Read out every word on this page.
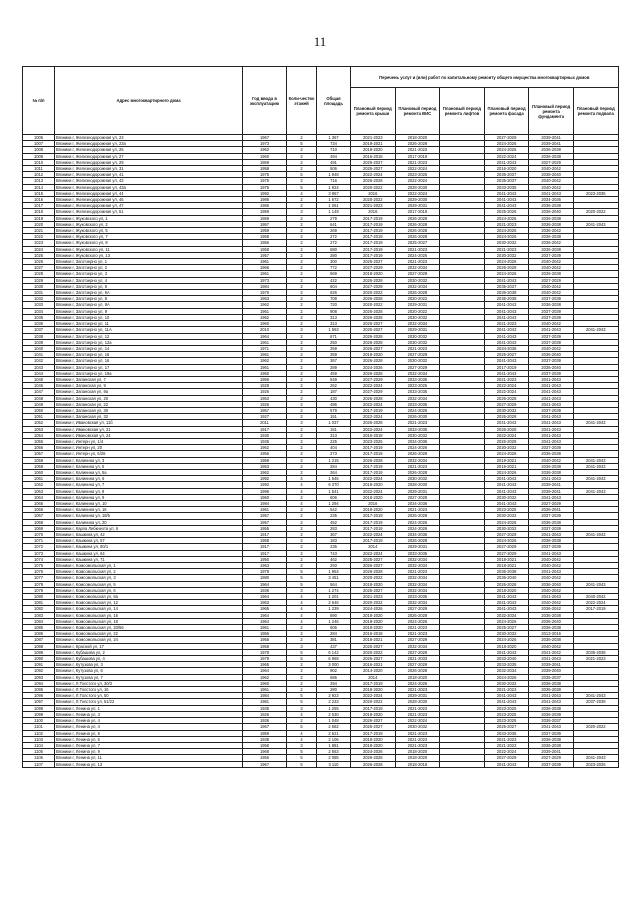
11
№ п/п	Адрес многоквартирного дома	Год ввода в эксплуатацию	Коли-чество этажей	Общая площадь	Перечень услуг и (или) работ по капитальному ремонту общего имущества многоквартирных домов					
					Плановый период ремонта крыши	Плановый период ремонта ВИС	Плановый период ремонта лифтов	Плановый период ремонта фасада	Плановый период ремонта фундамента	Плановый период ремонта подвала
1006	Вязники г, Железнодорожная ул, 23	1967	2	1 367	2021-2023	2018-2020		2027-2029	2039-2041	
1007	Вязники г, Железнодорожная ул, 23а	1973	5	734	2019-2021	2026-2028		2024-2026	2039-2041	
1008	Вязники г, Железнодорожная ул, 25	1962	2	710	2018-2020	2021-2023		2024-2026	2036-2038	
1009	Вязники г, Железнодорожная ул, 27	1960	2	494	2016-2018	2017-2019		2022-2024	2036-2038	
1010	Вязники г, Железнодорожная ул, 29	1959	2	491	2025-2027	2021-2023		2041-2043	2027-2029	
1011	Вязники г, Железнодорожная ул, 31	1958	2	506	2025-2027	2022-2024		2016-2020	2040-2042	
1012	Вязники г, Железнодорожная ул, 41	1975	5	1 948	2022-2024	2023-2025		2035-2037	2038-2040	
1013	Вязники г, Железнодорожная ул, 43	1975	2	716	2026-2028	2022-2024		2035-2037	2040-2042	
1014	Вязники г, Железнодорожная ул, 43а	1975	5	1 924	2020-2022	2028-2030		2033-2035	2040-2042	
1015	Вязники г, Железнодорожная ул, 44	1992	4	3 867	2016	2022-2024		2041-2043	2041-2043	2023-2035
1016	Вязники г, Железнодорожная ул, 46	1986	2	1 672	2020-2022	2029-2030		2041-2043	2034-2036	
1017	Вязники г, Железнодорожная ул, 47	1986	2	1 061	2021-2023	2029-2031		2041-2043	2036-2038	
1018	Вязники г, Железнодорожная ул, 51	1959	3	1 149	2016	2017-2019		2025-2026	2036-2040	2020-2022
1019	Вязники г, Жуковского ул, 1	1959	2	279	2017-2019	2026-2028		2024-2026	2036-2038	
1020	Вязники г, Жуковского ул, 2	1957	2	641	2017-2019	2026-2028		2021-2023	2036-2038	2041-2043
1021	Вязники г, Жуковского ул, 5	1959	2	269	2017-2019	2026-2028		2024-2026	2036-2042	
1022	Вязники г, Жуковского ул, 7	1958	2	272	2017-2019	2026-2028		2024-2026	2036-2038	
1023	Вязники г, Жуковского ул, 8	1956	2	272	2017-2019	2025-2027		2030-2032	2036-2042	
1024	Вязники г, Жуковского ул, 11	1958	2	680	2017-2019	2021-2023		2021-2023	2036-2038	
1025	Вязники г, Жуковского ул, 13	1957	2	280	2017-2019	2024-2026		2030-2032	2037-2039	
1026	Вязники г, Заготзерно ул, 1	1961	2	300	2025-2027	2021-2023		2024-2026	2040-2042	
1027	Вязники г, Заготзерно ул, 2	1966	2	772	2027-2029	2032-2034		2026-2028	2040-2042	
1028	Вязники г, Заготзерно ул, 3	1961	2	569	2018-2020	2027-2029		2024-2026	2036-2038	
1029	Вязники г, Заготзерно ул, 4	1973	2	422	2026-2028	2030-2032		2041-2043	2027-2029	
1030	Вязники г, Заготзерно ул, 6	1984	2	604	2027-2029	2032-2034		2035-2037	2040-2042	
1031	Вязники г, Заготзерно ул, 6А	1976	2	626	2020-2022	2026-2028		2036-2038	2040-2042	
1032	Вязники г, Заготзерно ул, 8	1963	2	708	2026-2028	2020-2022		2036-2038	2037-2039	
1033	Вязники г, Заготзерно ул, 8А	1962	2	720	2020-2022	2029-2031		2041-2043	2036-2038	
1034	Вязники г, Заготзерно ул, 9	1961	2	908	2026-2028	2020-2022		2041-2043	2037-2039	
1035	Вязники г, Заготзерно ул, 10	1962	2	313	2026-2028	2030-2032		2041-2043	2037-2039	
1036	Вязники г, Заготзерно ул, 11	1960	2	313	2025-2027	2032-2034		2021-2023	2040-2042	
1037	Вязники г, Заготзерно ул, 11А	2010	3	1 563	2025-2027	2029-2031		2041-2043	2041-2043	2041-2043
1038	Вязники г, Заготзерно ул, 12	1964	2	671	2026-2028	2030-2032		2041-2043	2037-2039	
1039	Вязники г, Заготзерно ул, 12а	1961	2	250	2026-2028	2030-2032		2041-2043	2037-2039	
1040	Вязники г, Заготзерно ул, 14	1971	2	259	2025-2027	2021-2023		2034-2036	2040-2042	
1041	Вязники г, Заготзерно ул, 16	1961	2	359	2018-2020	2027-2029		2025-2027	2036-2040	
1042	Вязники г, Заготзерно ул, 16	1962	2	367	2026-2028	2030-2032		2041-2043	2037-2039	
1043	Вязники г, Заготзерно ул, 17	1961	2	289	2024-2026	2027-2029		2017-2019	2036-2040	
1044	Вязники г, Заготзерно ул, 19а	1960	2	459	2026-2028	2032-2034		2041-2043	2037-2039	
1045	Вязники г, Запанская ул, 7	1956	2	549	2027-2029	2033-2035		2021-2023	2041-2043	
1046	Вязники г, Запанская ул, 9	1928	2	262	2022-2024	2023-2025		2022-2024	2041-2043	
1047	Вязники г, Запанская ул, 9а	1926	2	187	2027-2029	2033-2035		2022-2024	2041-2043	
1048	Вязники г, Запанская ул, 20	1953	2	430	2026-2028	2032-2034		2026-2028	2041-2043	
1049	Вязники г, Запанская ул, 22	1926	2	486	2022-2024	2033-2035		2027-2029	2041-2043	
1050	Вязники г, Запанская ул, 30	1957	2	579	2017-2019	2024-2026		2030-2032	2037-2039	
1051	Вязники г, Запанская ул, 32	1927	2	151	2022-2024	2026-2030		2026-2028	2041-2043	
1052	Вязники г, Ивановская ул, 11б	2011	3	1 037	2026-2028	2021-2023		2041-2043	2041-2043	2041-2043
1053	Вязники г, Ивановская ул, 21	1917	2	151	2022-2024	2033-2035		2026-2028	2041-2043	
1054	Вязники г, Ивановская ул, 24	1930	2	313	2016-2018	2030-2032		2022-2024	2041-2043	
1055	Вязники г, Интерн ул, 1/4	1936	2	225	2023-2025	2034-2036		2026-2028	2041-2043	
1056	Вязники г, Интерн ул, 20	1962	2	404	2017-2019	2024-2026		2030-2032	2037-2039	
1057	Вязники г, Интерн ул, 6/26	1956	2	273	2017-2019	2026-2028		2024-2026	2036-2038	
1058	Вязники г, Калинина ул, 3	1959	2	1 215	2026-2028	2032-2034		2019-2021	2040-2042	2041-2043
1059	Вязники г, Калинина ул, 5	1953	2	284	2017-2019	2021-2023		2019-2021	2036-2038	2041-2043
1060	Вязники г, Калинина ул, 5а	1962	2	264	2017-2019	2026-2028		2024-2026	2036-2038	
1061	Вязники г, Калинина ул, 6	1992	4	1 546	2022-2024	2030-2032		2041-2043	2041-2043	2041-2043
1062	Вязники г, Калинина ул, 7	1992	4	6 370	2018-2020	2028-2030		2041-2043	2039-2041	
1063	Вязники г, Калинина ул, 8	1996	4	1 541	2022-2024	2029-2031		2041-2043	2039-2041	2041-2043
1064	Вязники г, Калинина ул, 9	1960	2	606	2018-2020	2027-2029		2030-2032	2041-2043	
1065	Вязники г, Калинина ул, 10	1984	4	1 294	2016	2034-2036		2041-2043	2027-2029	
1066	Вязники г, Калинина ул, 16	1961	2	542	2018-2020	2021-2023		2023-2025	2036-2041	
1067	Вязники г, Калинина ул, 18/5	1957	2	235	2017-2019	2026-2028		2030-2032	2037-2039	
1068	Вязники г, Калинина ул, 20	1957	2	452	2017-2019	2024-2026		2024-2026	2036-2038	
1069	Вязники г, Карла Либкнехта ул, 6	1955	2	283	2017-2019	2024-2026		2030-2032	2037-2039	
1070	Вязники г, Кашкина ул, 42	1917	2	367	2022-2024	2034-2036		2027-2029	2041-2043	2041-2043
1071	Вязники г, Кашкина ул, 57	1958	2	183	2017-2019	2026-2028		2024-2026	2036-2038	
1072	Вязники г, Кашкина ул, 60/1	1917	2	235	2014	2029-2031		2027-2029	2037-2039	
1073	Вязники г, Кашкина ул, 64	1917	2	743	2022-2024	2033-2035		2027-2029	2041-2043	
1074	Вязники г, Кашкина ул, 71	1950	2	462	2025-2027	2032-2034		2018-2021	2040-2042	
1075	Вязники г, Комсомольская ул, 1	1963	2	293	2026-2027	2032-2034		2018-2021	2040-2042	
1076	Вязники г, Комсомольская ул, 2	1978	5	1 954	2026-2028	2021-2023		2036-2038	2041-2043	
1077	Вязники г, Комсомольская ул, 3	1980	5	3 451	2020-2022	2032-2034		2036-2040	2040-2042	
1078	Вязники г, Комсомольская ул, 5	1964	5	564	2018-2020	2032-2034		2026-2028	2036-2040	2041-2043
1079	Вязники г, Комсомольская ул, 6	1936	3	1 274	2025-2027	2032-2034		2018-2020	2040-2042	
1080	Вязники г, Комсомольская ул, 8а	1964	4	1 201	2021-2023	2033-2035		2041-2043	2041-2043	2040-2042
1081	Вязники г, Комсомольская ул, 12	1963	4	2 646	2020-2022	2032-2034		2041-2043	2040-2042	2022-2024
1082	Вязники г, Комсомольская ул, 14	1965	4	1 239	2024-2026	2027-2029		2041-2043	2036-2042	2017-2019
1083	Вязники г, Комсомольская ул, 16	1964	4	890	2018-2020	2026-2028		2032-2034	2036-2038	
1084	Вязники г, Комсомольская ул, 18	1964	4	1 246	2018-2020	2024-2026		2024-2026	2036-2040	
1085	Вязники г, Комсомольская ул, 20/56	1961	2	606	2018-2020	2021-2023		2025-2027	2036-2038	
1086	Вязники г, Комсомольская ул, 22	1956	2	284	2016-2018	2021-2023		2030-2032	2013-2016	
1087	Вязники г, Комсомольская ул, 24	1955	2	381	2018-2021	2027-2029		2024-2026	2036-2038	
1088	Вязники г, Красной ул, 17	1958	3	437	2025-2027	2032-2034		2018-2020	2040-2042	
1089	Вязники г, Кубашова ул, 2	1978	5	6 142	2020-2022	2027-2029		2041-2043	2041-2042	2036-2038
1090	Вязники г, Кубашова ул, 4	1979	5	6 968	2025-2027	2021-2033		2033-2040	2041-2043	2021-2023
1091	Вязники г, Кутузова ул, 3	1965	2	3 000	2016-2021	2027-2029		2033-2035	2039-2041	
1092	Вязники г, Кутузова ул, 6	1964	2	902	2014-2020	2026-2028		2032-2034	2039-2040	
1093	Вязники г, Кутузова ул, 7	1962	2	686	2014	2018-2020		2024-2026	2035-2037	
1094	Вязники г, Л.Толстого ул, 30/3	1960	2	294	2017-2019	2024-2026		2030-2032	2036-2038	
1095	Вязники г, Л.Толстого ул, 16	1961	2	280	2018-2020	2021-2023		2021-2023	2036-2038	
1096	Вязники г, Л.Толстого ул, 50	1984	5	2 923	2022-2024	2029-2031		2041-2043	2041-2043	2041-2043
1097	Вязники г, Л.Толстого ул, 51/22	1981	5	2 233	2020-2022	2028-2030		2041-2043	2041-2043	2037-2039
1098	Вязники г, Ленина ул, 1	1935	3	1 255	2017-2019	2021-2023		2023-2025	2036-2038	
1099	Вязники г, Ленина ул, 3	1926	4	2 530	2018-2020	2021-2023		2023-2025	2036-2039	
1100	Вязники г, Ленина ул, 4	1936	2	1 048	2026-2027	2022-2024		2023-2025	2036-2037	
1101	Вязники г, Ленина ул, 4	1967	5	2 582	2025-2027	2030-2032		2025-2027	2041-2043	2020-2022
1102	Вязники г, Ленина ул, 5	1959	4	2 521	2017-2019	2021-2023		2033-2035	2037-2039	
1103	Вязники г, Ленина ул, 6	1938	4	2 106	2018-2020	2021-2023		2021-2023	2036-2038	
1104	Вязники г, Ленина ул, 7	1958	3	1 881	2018-2020	2021-2023		2021-2023	2036-2038	
1105	Вязники г, Ленина ул, 9	1968	5	2 563	2024-2026	2018-2020		2022-2024	2039-2041	
1106	Вязники г, Ленина ул, 11	1956	5	2 085	2026-2028	2018-2020		2027-2029	2027-2029	2041-2043
1107	Вязники г, Ленина ул, 13	1967	5	3 110	2026-2028	2018-2018		2041-2043	2037-2039	2023-2025
